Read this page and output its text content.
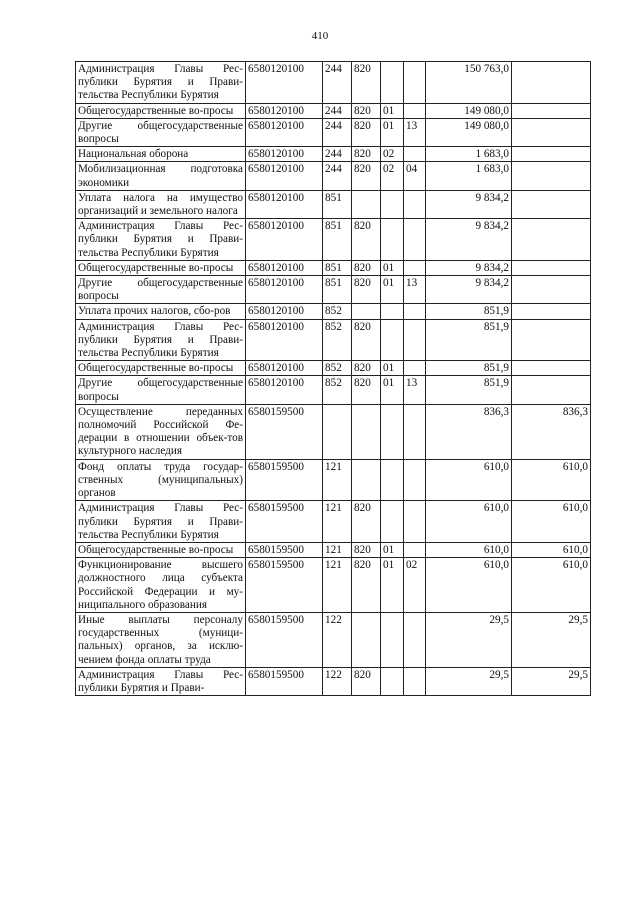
410
Администрация Главы Рес-публики Бурятия и Прави-тельства Республики Бурятия	6580120100	244	820			150 763,0	
Общегосударственные во-просы	6580120100	244	820	01		149 080,0	
Другие общегосударственные вопросы	6580120100	244	820	01	13	149 080,0	
Национальная оборона	6580120100	244	820	02		1 683,0	
Мобилизационная подготовка экономики	6580120100	244	820	02	04	1 683,0	
Уплата налога на имущество организаций и земельного налога	6580120100	851				9 834,2	
Администрация Главы Рес-публики Бурятия и Прави-тельства Республики Бурятия	6580120100	851	820			9 834,2	
Общегосударственные во-просы	6580120100	851	820	01		9 834,2	
Другие общегосударственные вопросы	6580120100	851	820	01	13	9 834,2	
Уплата прочих налогов, сбо-ров	6580120100	852				851,9	
Администрация Главы Рес-публики Бурятия и Прави-тельства Республики Бурятия	6580120100	852	820			851,9	
Общегосударственные во-просы	6580120100	852	820	01		851,9	
Другие общегосударственные вопросы	6580120100	852	820	01	13	851,9	
Осуществление переданных полномочий Российской Фе-дерации в отношении объек-тов культурного наследия	6580159500					836,3	836,3
Фонд оплаты труда государ-ственных (муниципальных) органов	6580159500	121				610,0	610,0
Администрация Главы Рес-публики Бурятия и Прави-тельства Республики Бурятия	6580159500	121	820			610,0	610,0
Общегосударственные во-просы	6580159500	121	820	01		610,0	610,0
Функционирование высшего должностного лица субъекта Российской Федерации и му-ниципального образования	6580159500	121	820	01	02	610,0	610,0
Иные выплаты персоналу государственных (муници-пальных) органов, за исклю-чением фонда оплаты труда	6580159500	122				29,5	29,5
Администрация Главы Рес-публики Бурятия и Прави-	6580159500	122	820			29,5	29,5
